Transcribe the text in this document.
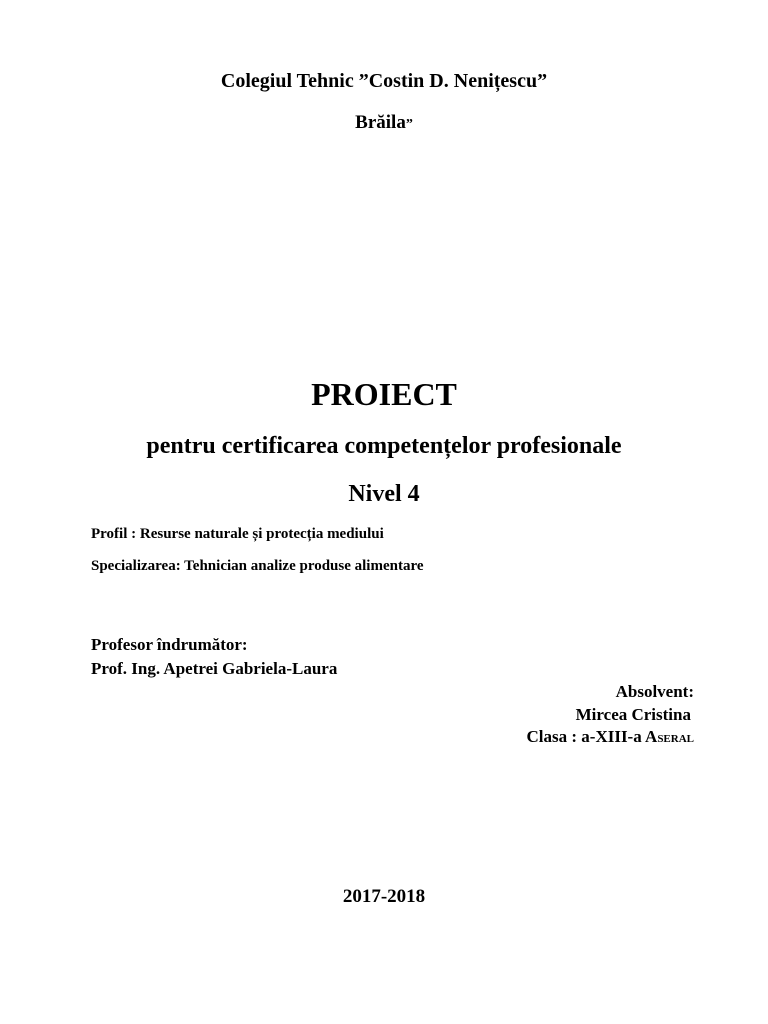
Colegiul Tehnic ”Costin D. Nenițescu”
Brăila”
PROIECT
pentru certificarea competențelor profesionale
Nivel 4
Profil : Resurse naturale și protecția mediului
Specializarea: Tehnician analize produse alimentare
Profesor îndrumător:
Prof. Ing. Apetrei Gabriela-Laura
Absolvent:
Mircea Cristina
Clasa : a-XIII-a ASERAL
2017-2018
